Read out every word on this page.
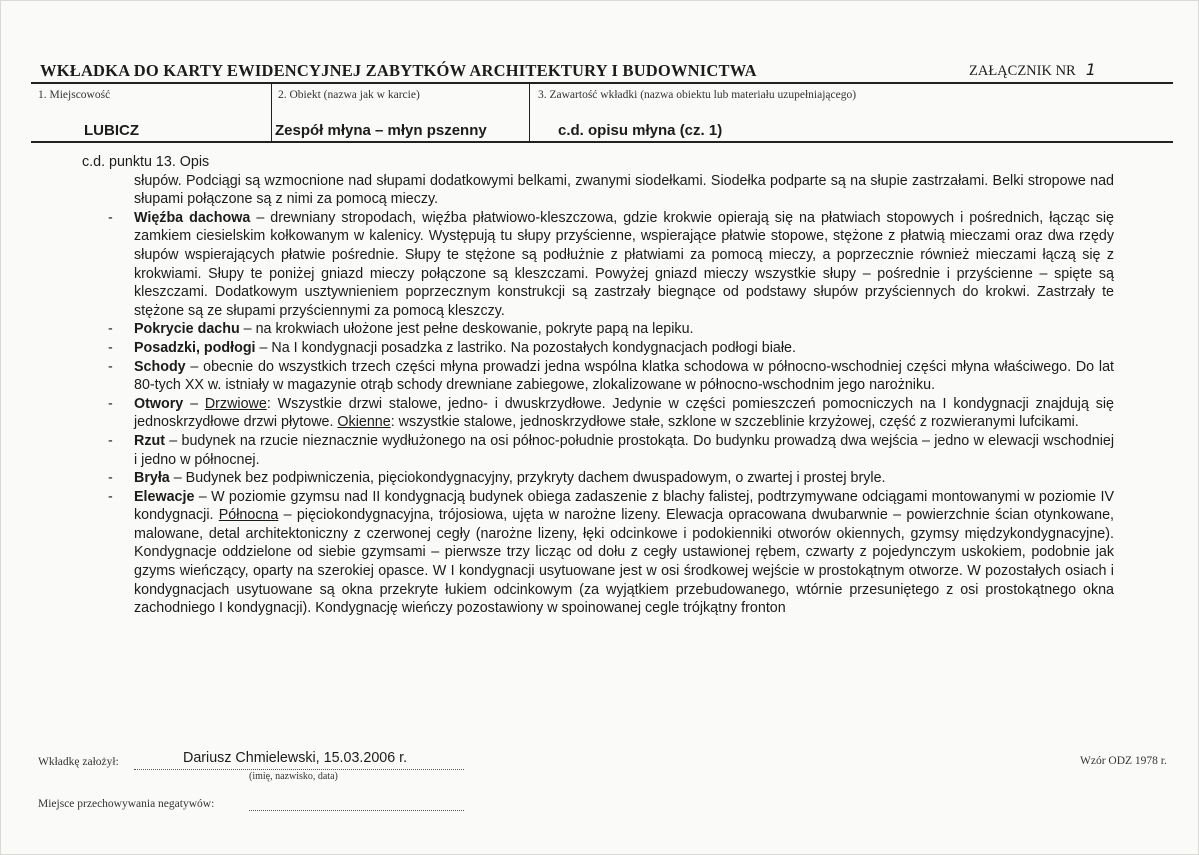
WKŁADKA DO KARTY EWIDENCYJNEJ ZABYTKÓW ARCHITEKTURY I BUDOWNICTWA	ZAŁĄCZNIK NR 1
1. Miejscowość	2. Obiekt (nazwa jak w karcie)	3. Zawartość wkładki (nazwa obiektu lub materiału uzupełniającego)
LUBICZ	Zespół młyna – młyn pszenny	c.d. opisu młyna (cz. 1)

c.d. punktu 13. Opis

słupów. Podciągi są wzmocnione nad słupami dodatkowymi belkami, zwanymi siodełkami. Siodełka podparte są na słupie zastrzałami. Belki stropowe nad słupami połączone są z nimi za pomocą mieczy.

- Więźba dachowa – drewniany stropodach, więźba płatwiowo-kleszczowa, gdzie krokwie opierają się na płatwiach stopowych i pośrednich, łącząc się zamkiem ciesielskim kołkowanym w kalenicy. Występują tu słupy przyścienne, wspierające płatwie stopowe, stężone z płatwią mieczami oraz dwa rzędy słupów wspierających płatwie pośrednie. Słupy te stężone są podłużnie z płatwiami za pomocą mieczy, a poprzecznie również mieczami łączą się z krokwiami. Słupy te poniżej gniazd mieczy połączone są kleszczami. Powyżej gniazd mieczy wszystkie słupy – pośrednie i przyścienne – spięte są kleszczami. Dodatkowym usztywnieniem poprzecznym konstrukcji są zastrzały biegnące od podstawy słupów przyściennych do krokwi. Zastrzały te stężone są ze słupami przyściennymi za pomocą kleszczy.

- Pokrycie dachu – na krokwiach ułożone jest pełne deskowanie, pokryte papą na lepiku.

- Posadzki, podłogi – Na I kondygnacji posadzka z lastriko. Na pozostałych kondygnacjach podłogi białe.

- Schody – obecnie do wszystkich trzech części młyna prowadzi jedna wspólna klatka schodowa w północno-wschodniej części młyna właściwego. Do lat 80-tych XX w. istniały w magazynie otrąb schody drewniane zabiegowe, zlokalizowane w północno-wschodnim jego narożniku.

- Otwory – Drzwiowe: Wszystkie drzwi stalowe, jedno- i dwuskrzydłowe. Jedynie w części pomieszczeń pomocniczych na I kondygnacji znajdują się jednoskrzydłowe drzwi płytowe. Okienne: wszystkie stalowe, jednoskrzydłowe stałe, szklone w szczeblinie krzyżowej, część z rozwieranymi lufcikami.

- Rzut – budynek na rzucie nieznacznie wydłużonego na osi północ-południe prostokąta. Do budynku prowadzą dwa wejścia – jedno w elewacji wschodniej i jedno w północnej.

- Bryła – Budynek bez podpiwniczenia, pięciokondygnacyjny, przykryty dachem dwuspadowym, o zwartej i prostej bryle.

- Elewacje – W poziomie gzymsu nad II kondygnacją budynek obiega zadaszenie z blachy falistej, podtrzymywane odciągami montowanymi w poziomie IV kondygnacji. Północna – pięciokondygnacyjna, trójosiowa, ujęta w narożne lizeny. Elewacja opracowana dwubarwnie – powierzchnie ścian otynkowane, malowane, detal architektoniczny z czerwonej cegły (narożne lizeny, łęki odcinkowe i podokienniki otworów okiennych, gzymsy międzykondygnacyjne). Kondygnacje oddzielone od siebie gzymsami – pierwsze trzy licząc od dołu z cegły ustawionej rębem, czwarty z pojedynczym uskokiem, podobnie jak gzyms wieńczący, oparty na szerokiej opasce. W I kondygnacji usytuowane jest w osi środkowej wejście w prostokątnym otworze. W pozostałych osiach i kondygnacjach usytuowane są okna przekryte łukiem odcinkowym (za wyjątkiem przebudowanego, wtórnie przesuniętego z osi prostokątnego okna zachodniego I kondygnacji). Kondygnację wieńczy pozostawiony w spoinowanej cegle trójkątny fronton

Wkładkę założył:	Dariusz Chmielewski, 15.03.2006 r.
(imię, nazwisko, data)
Miejsce przechowywania negatywów:
Wzór ODZ 1978 r.
